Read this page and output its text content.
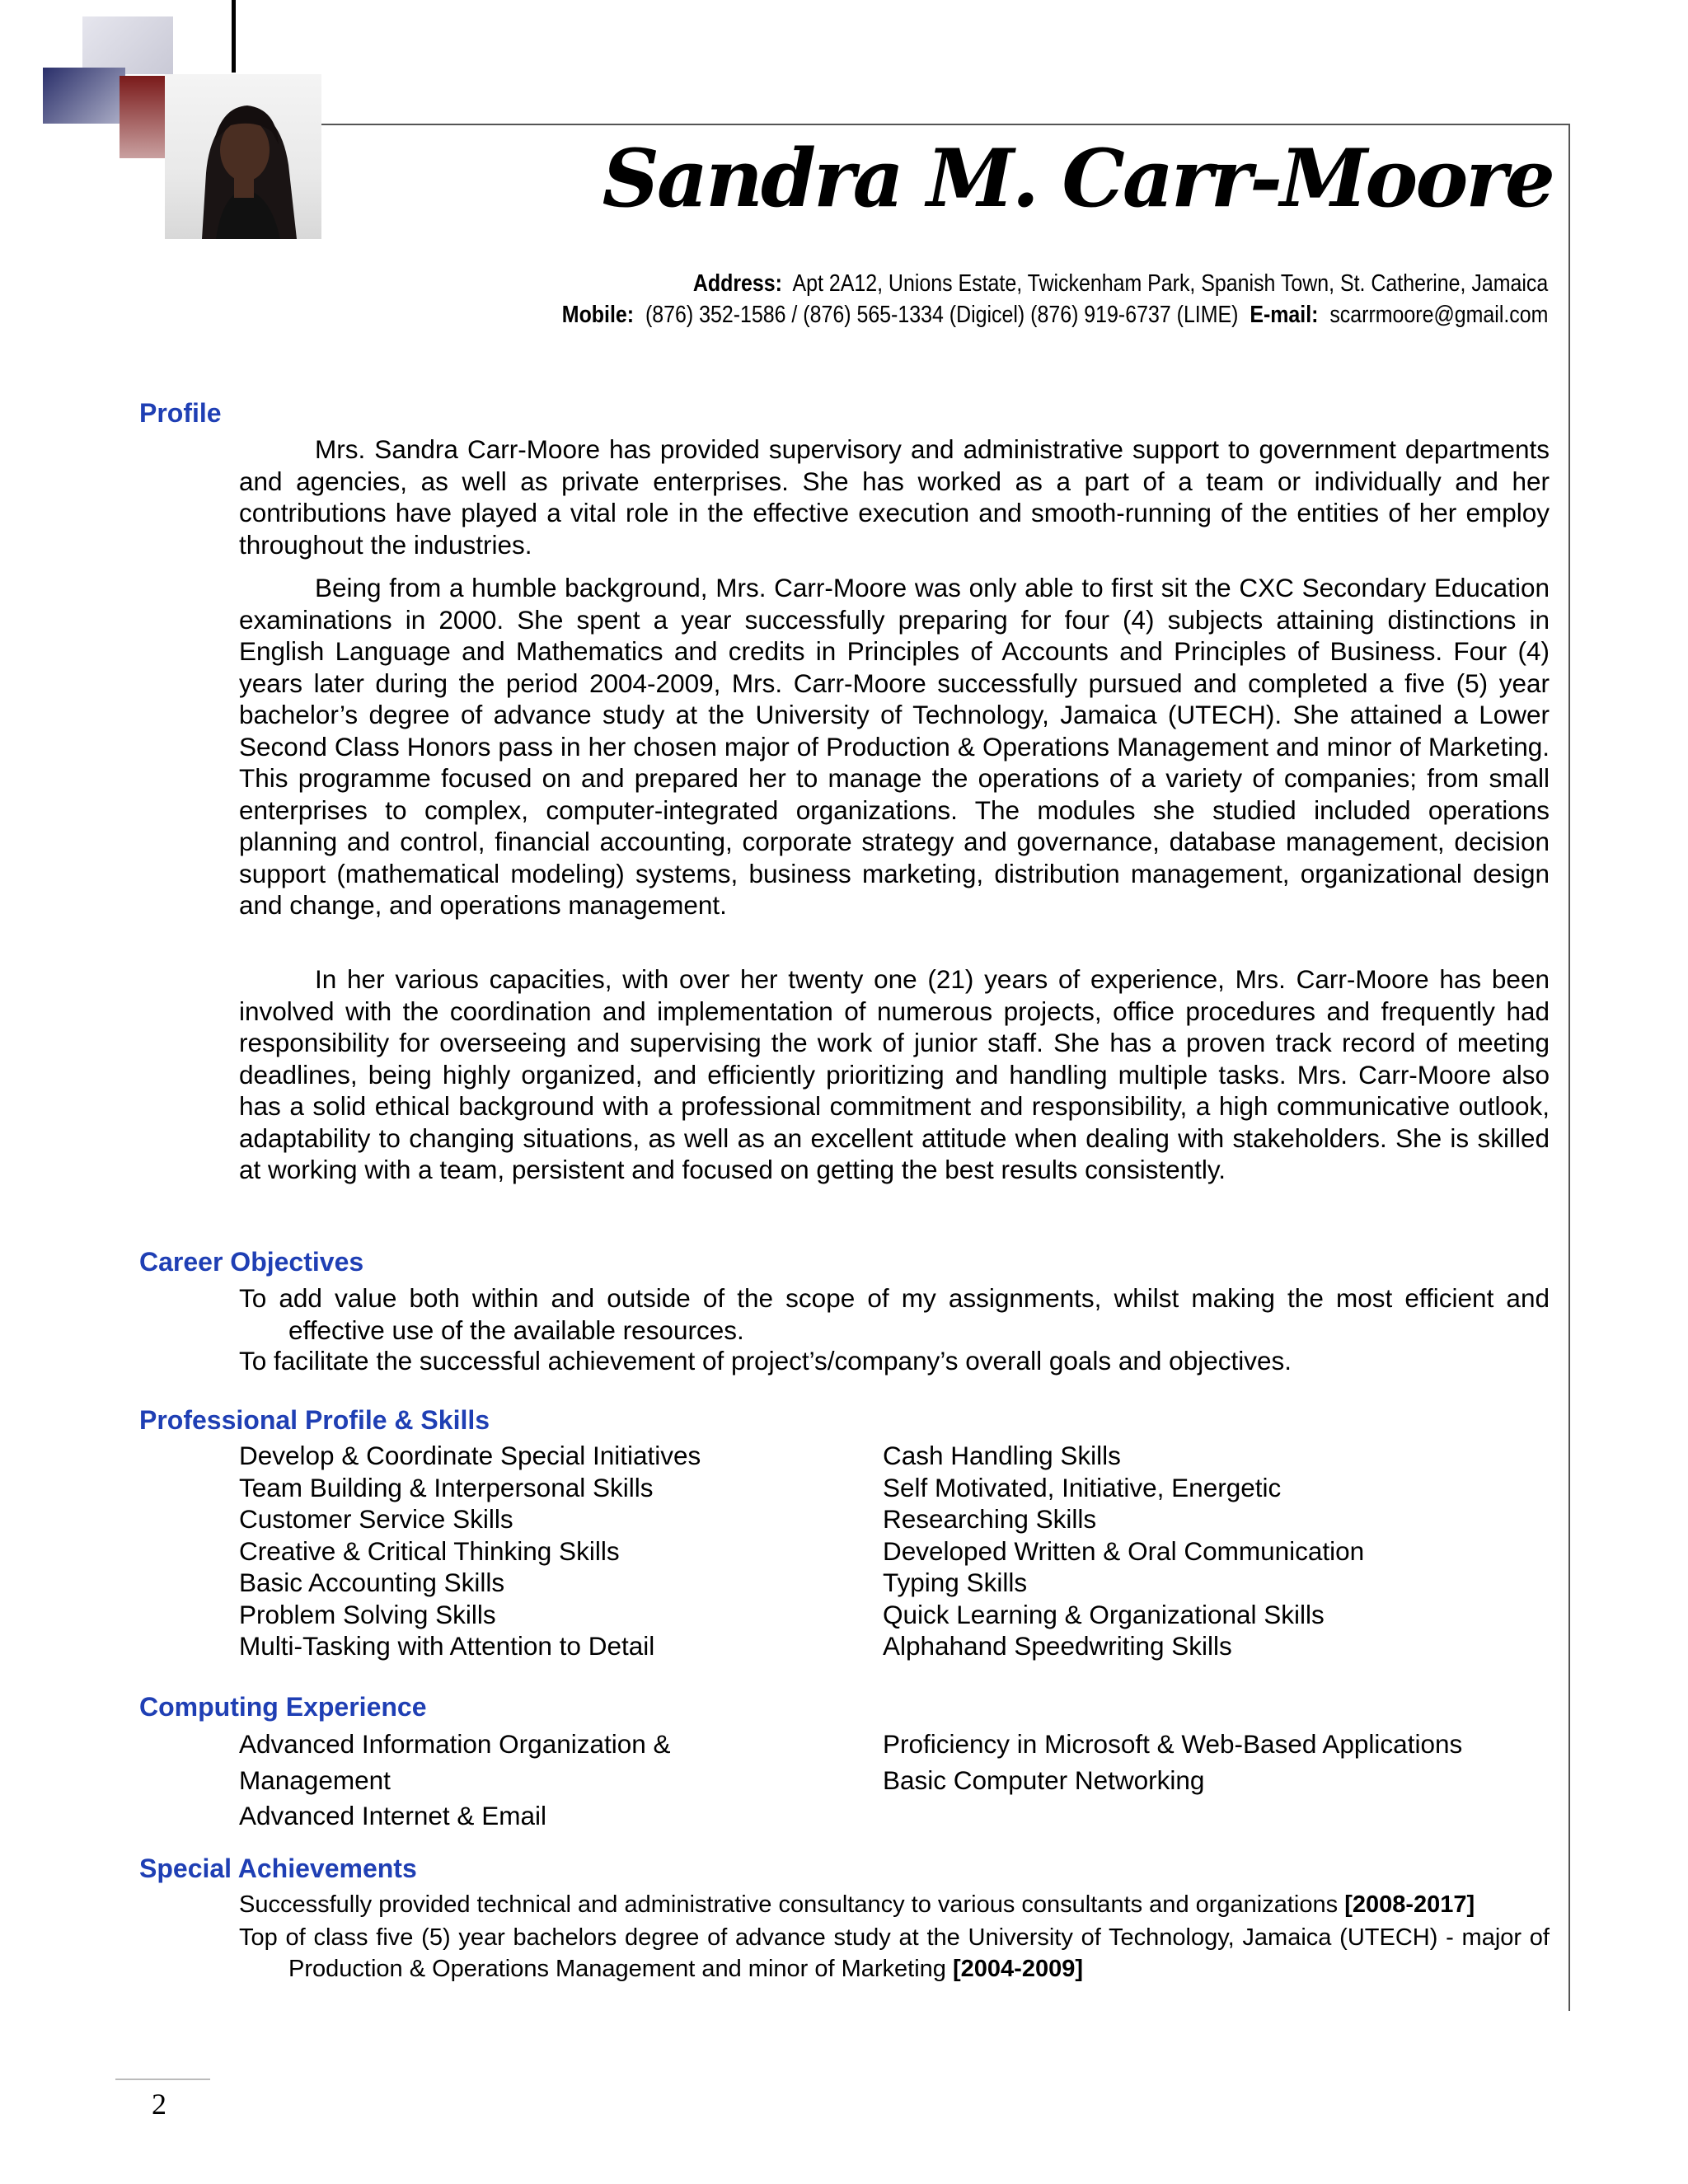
Sandra M. Carr-Moore
Address: Apt 2A12, Unions Estate, Twickenham Park, Spanish Town, St. Catherine, Jamaica
Mobile: (876) 352-1586 / (876) 565-1334 (Digicel) (876) 919-6737 (LIME) E-mail: scarrmoore@gmail.com
Profile

Mrs. Sandra Carr-Moore has provided supervisory and administrative support to government departments and agencies, as well as private enterprises. She has worked as a part of a team or individually and her contributions have played a vital role in the effective execution and smooth-running of the entities of her employ throughout the industries.

Being from a humble background, Mrs. Carr-Moore was only able to first sit the CXC Secondary Education examinations in 2000. She spent a year successfully preparing for four (4) subjects attaining distinctions in English Language and Mathematics and credits in Principles of Accounts and Principles of Business. Four (4) years later during the period 2004-2009, Mrs. Carr-Moore successfully pursued and completed a five (5) year bachelor’s degree of advance study at the University of Technology, Jamaica (UTECH). She attained a Lower Second Class Honors pass in her chosen major of Production & Operations Management and minor of Marketing. This programme focused on and prepared her to manage the operations of a variety of companies; from small enterprises to complex, computer-integrated organizations. The modules she studied included operations planning and control, financial accounting, corporate strategy and governance, database management, decision support (mathematical modeling) systems, business marketing, distribution management, organizational design and change, and operations management.

In her various capacities, with over her twenty one (21) years of experience, Mrs. Carr-Moore has been involved with the coordination and implementation of numerous projects, office procedures and frequently had responsibility for overseeing and supervising the work of junior staff. She has a proven track record of meeting deadlines, being highly organized, and efficiently prioritizing and handling multiple tasks. Mrs. Carr-Moore also has a solid ethical background with a professional commitment and responsibility, a high communicative outlook, adaptability to changing situations, as well as an excellent attitude when dealing with stakeholders. She is skilled at working with a team, persistent and focused on getting the best results consistently.

Career Objectives
To add value both within and outside of the scope of my assignments, whilst making the most efficient and effective use of the available resources.
To facilitate the successful achievement of project’s/company’s overall goals and objectives.
Professional Profile & Skills
Develop & Coordinate Special Initiatives
Team Building & Interpersonal Skills
Customer Service Skills
Creative & Critical Thinking Skills
Basic Accounting Skills
Problem Solving Skills
Multi-Tasking with Attention to Detail
Cash Handling Skills
Self Motivated, Initiative, Energetic
Researching Skills
Developed Written & Oral Communication
Typing Skills
Quick Learning & Organizational Skills
Alphahand Speedwriting Skills
Computing Experience
Advanced Information Organization &
Management
Advanced Internet & Email
Proficiency in Microsoft & Web-Based Applications
Basic Computer Networking
Special Achievements
Successfully provided technical and administrative consultancy to various consultants and organizations [2008-2017]
Top of class five (5) year bachelors degree of advance study at the University of Technology, Jamaica (UTECH) - major of Production & Operations Management and minor of Marketing [2004-2009]
2
